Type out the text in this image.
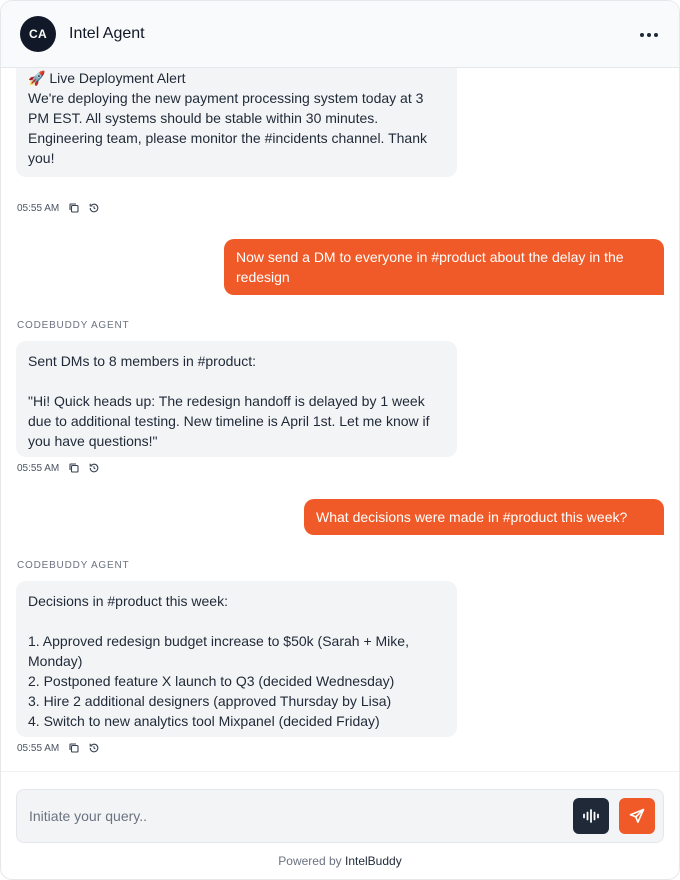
CA	Intel Agent
🚀 Live Deployment Alert
We're deploying the new payment processing system today at 3 PM EST. All systems should be stable within 30 minutes. Engineering team, please monitor the #incidents channel. Thank you!
05:55 AM
Now send a DM to everyone in #product about the delay in the redesign
CODEBUDDY AGENT
Sent DMs to 8 members in #product:

"Hi! Quick heads up: The redesign handoff is delayed by 1 week due to additional testing. New timeline is April 1st. Let me know if you have questions!"
05:55 AM
What decisions were made in #product this week?
CODEBUDDY AGENT
Decisions in #product this week:

1. Approved redesign budget increase to $50k (Sarah + Mike, Monday)
2. Postponed feature X launch to Q3 (decided Wednesday)
3. Hire 2 additional designers (approved Thursday by Lisa)
4. Switch to new analytics tool Mixpanel (decided Friday)
05:55 AM
Initiate your query..
Powered by IntelBuddy
